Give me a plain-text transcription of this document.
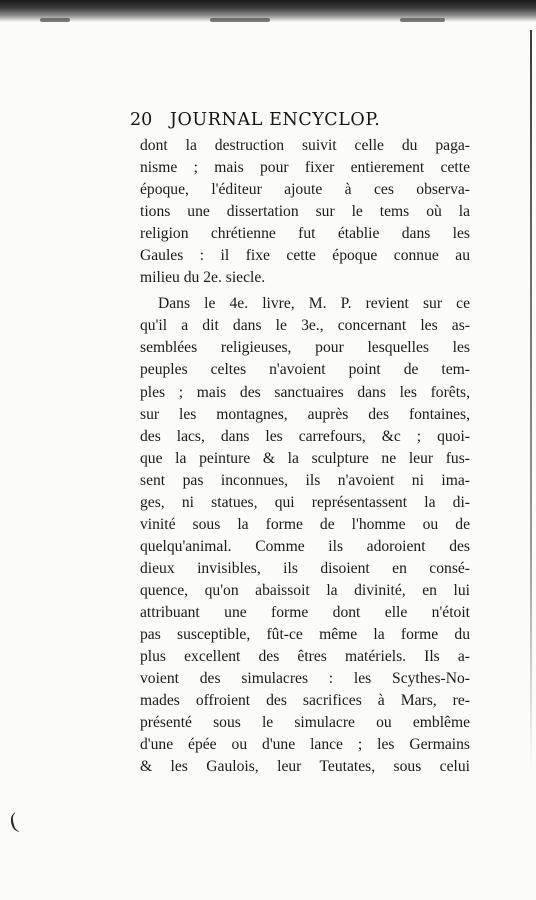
20 JOURNAL ENCYCLOP.
dont la destruction suivit celle du paga-
nisme ; mais pour fixer entierement cette
époque, l'éditeur ajoute à ces observa-
tions une dissertation sur le tems où la
religion chrétienne fut établie dans les
Gaules : il fixe cette époque connue au
milieu du 2e. siecle.
Dans le 4e. livre, M. P. revient sur ce
qu'il a dit dans le 3e., concernant les as-
semblées religieuses, pour lesquelles les
peuples celtes n'avoient point de tem-
ples ; mais des sanctuaires dans les forêts,
sur les montagnes, auprès des fontaines,
des lacs, dans les carrefours, &c ; quoi-
que la peinture & la sculpture ne leur fus-
sent pas inconnues, ils n'avoient ni ima-
ges, ni statues, qui représentassent la di-
vinité sous la forme de l'homme ou de
quelqu'animal. Comme ils adoroient des
dieux invisibles, ils disoient en consé-
quence, qu'on abaissoit la divinité, en lui
attribuant une forme dont elle n'étoit
pas susceptible, fût-ce même la forme du
plus excellent des êtres matériels. Ils a-
voient des simulacres : les Scythes-No-
mades offroient des sacrifices à Mars, re-
présenté sous le simulacre ou emblême
d'une épée ou d'une lance ; les Germains
& les Gaulois, leur Teutates, sous celui
(
